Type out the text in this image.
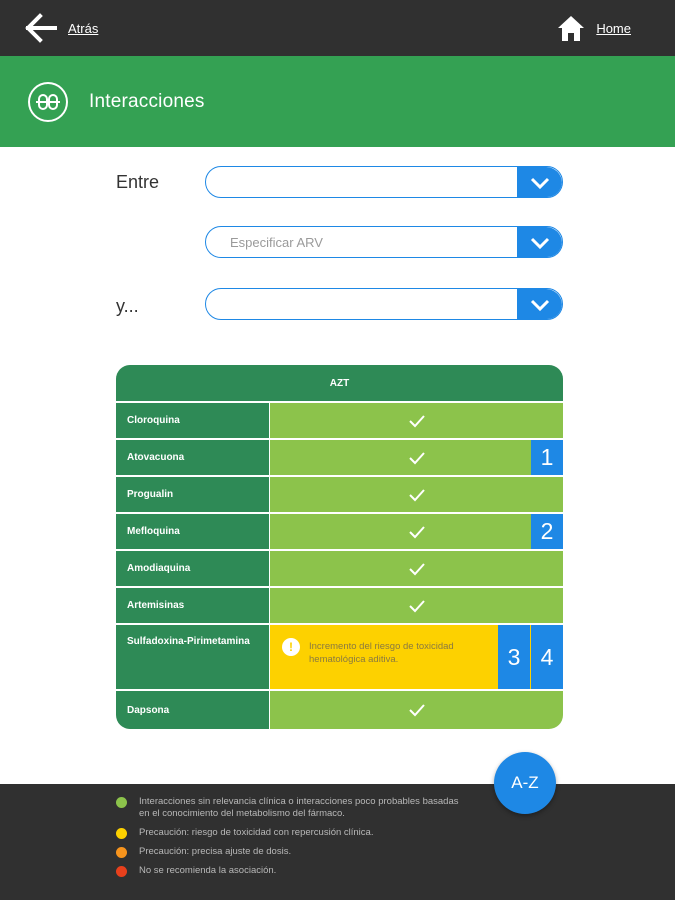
Atrás	Home
Interacciones
Entre
Especificar ARV
y...
AZT
Cloroquina
Atovacuona	1
Progualin
Mefloquina	2
Amodiaquina
Artemisinas
Sulfadoxina-Pirimetamina	!	Incremento del riesgo de toxicidad hematológica aditiva.	3 4
Dapsona
Interacciones sin relevancia clínica o interacciones poco probables basadas en el conocimiento del metabolismo del fármaco.
Precaución: riesgo de toxicidad con repercusión clínica.
Precaución: precisa ajuste de dosis.
No se recomienda la asociación.
A-Z
